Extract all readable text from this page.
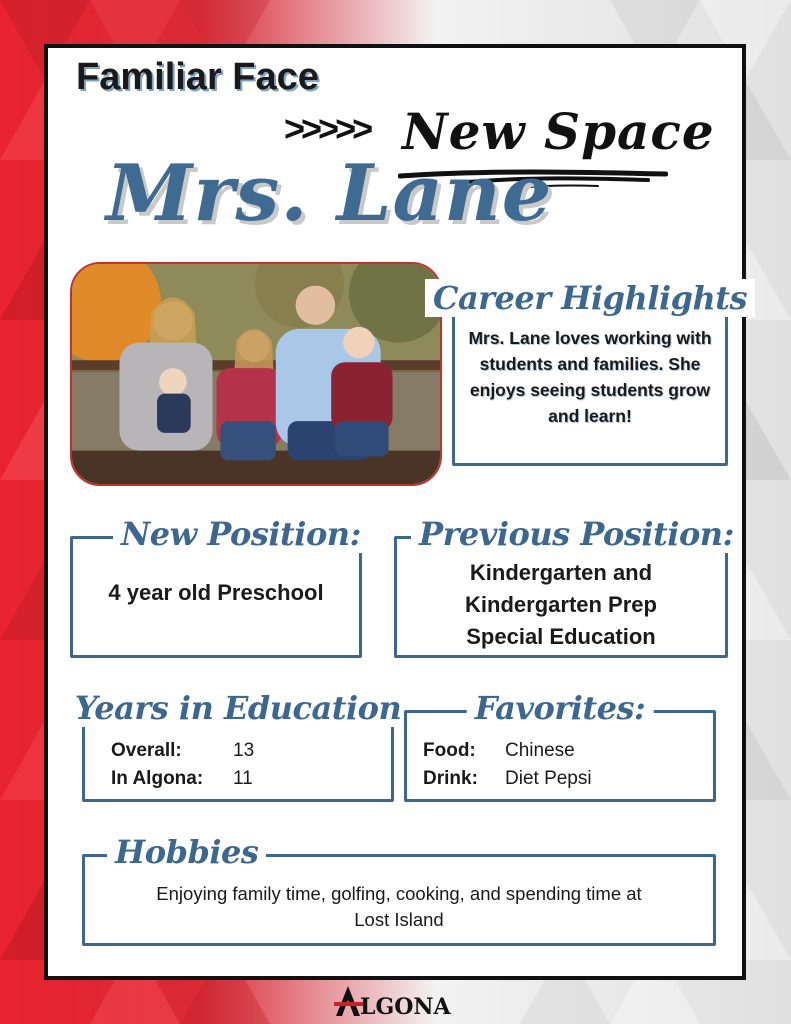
Familiar Face
>>>>> New Space
Mrs. Lane
Career Highlights
Mrs. Lane loves working with students and families. She enjoys seeing students grow and learn!
New Position:
4 year old Preschool
Previous Position:
Kindergarten and
Kindergarten Prep
Special Education
Years in Education
Overall:	13
In Algona:	11
Favorites:
Food:	Chinese
Drink:	Diet Pepsi
Hobbies
Enjoying family time, golfing, cooking, and spending time at Lost Island
LGONA
